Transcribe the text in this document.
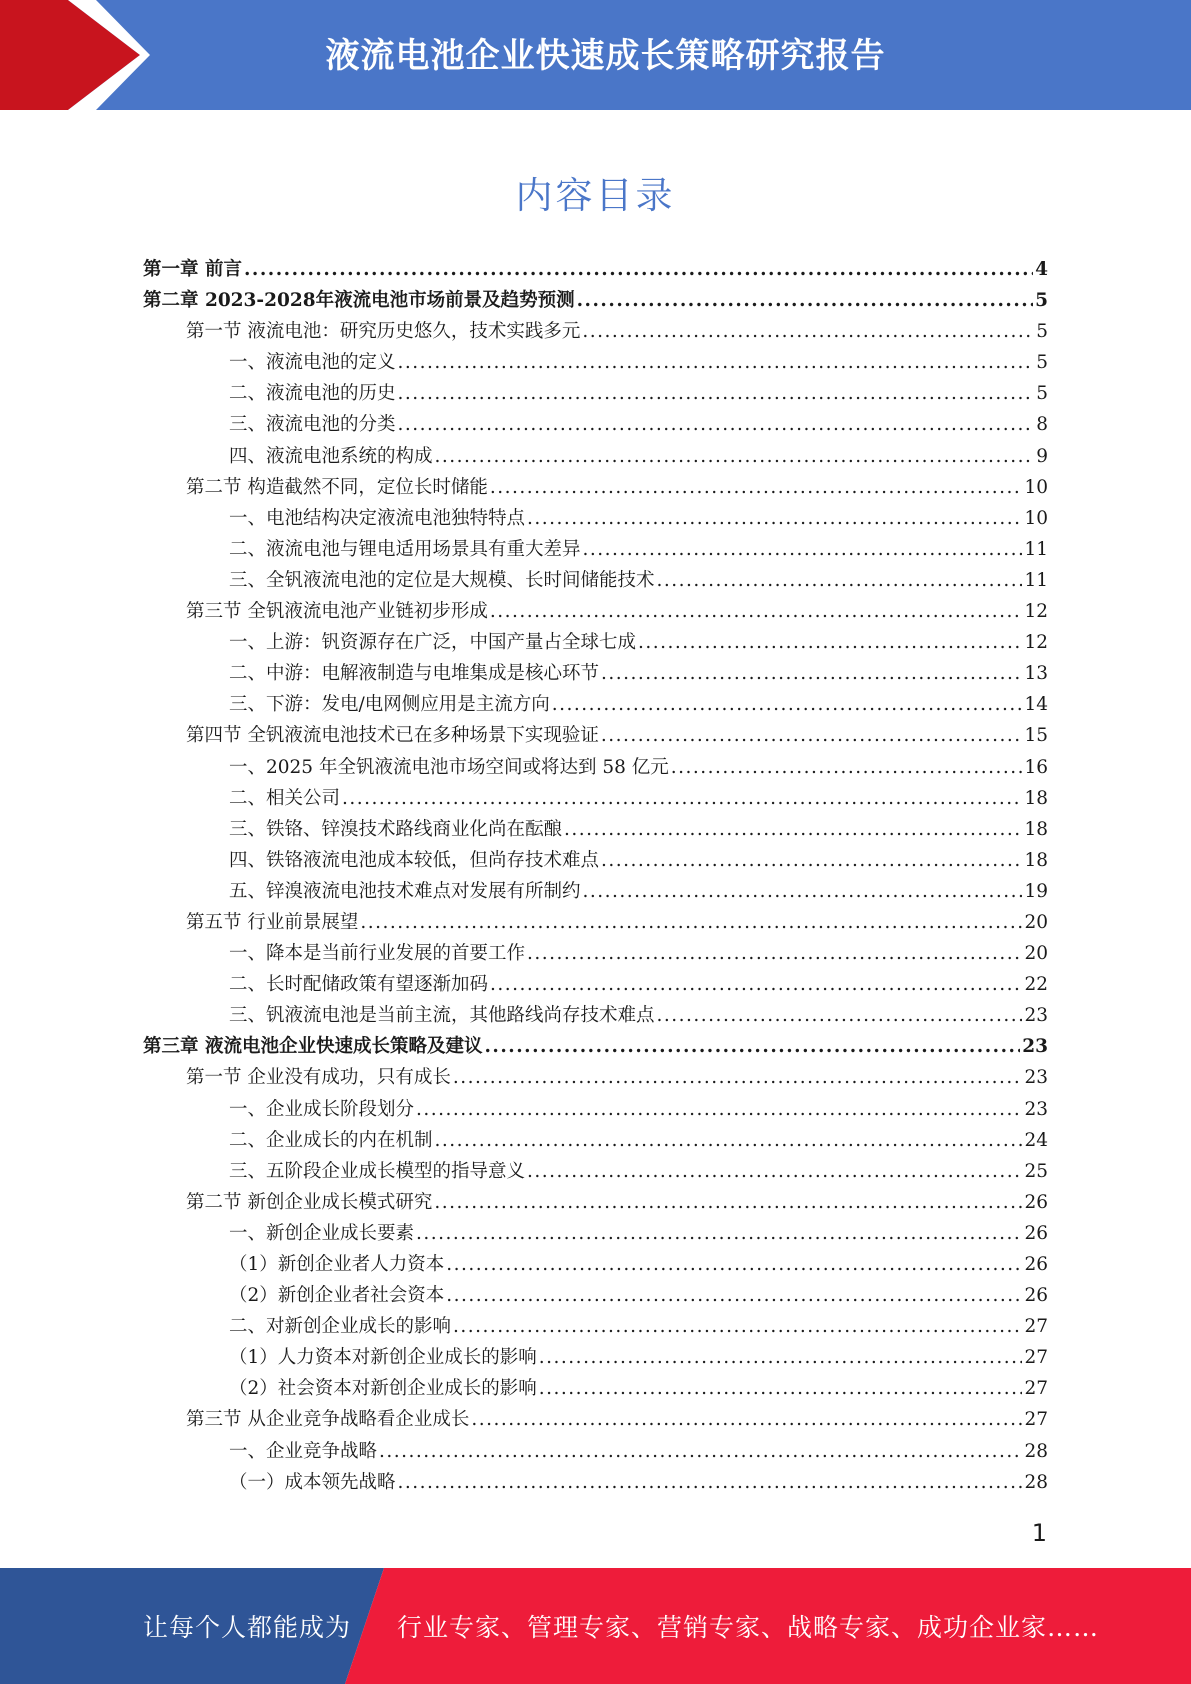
液流电池企业快速成长策略研究报告
内容目录
第一章 前言 .....	4
第二章 2023-2028年液流电池市场前景及趋势预测 .....	5
第一节 液流电池：研究历史悠久，技术实践多元 .....	5
一、液流电池的定义 .....	5
二、液流电池的历史 .....	5
三、液流电池的分类 .....	8
四、液流电池系统的构成 .....	9
第二节 构造截然不同，定位长时储能 .....	10
一、电池结构决定液流电池独特特点 .....	10
二、液流电池与锂电适用场景具有重大差异 .....	11
三、全钒液流电池的定位是大规模、长时间储能技术 .....	11
第三节 全钒液流电池产业链初步形成 .....	12
一、上游：钒资源存在广泛，中国产量占全球七成 .....	12
二、中游：电解液制造与电堆集成是核心环节 .....	13
三、下游：发电/电网侧应用是主流方向 .....	14
第四节 全钒液流电池技术已在多种场景下实现验证 .....	15
一、2025 年全钒液流电池市场空间或将达到 58 亿元 .....	16
二、相关公司 .....	18
三、铁铬、锌溴技术路线商业化尚在酝酿 .....	18
四、铁铬液流电池成本较低，但尚存技术难点 .....	18
五、锌溴液流电池技术难点对发展有所制约 .....	19
第五节 行业前景展望 .....	20
一、降本是当前行业发展的首要工作 .....	20
二、长时配储政策有望逐渐加码 .....	22
三、钒液流电池是当前主流，其他路线尚存技术难点 .....	23
第三章 液流电池企业快速成长策略及建议 .....	23
第一节 企业没有成功，只有成长 .....	23
一、企业成长阶段划分 .....	23
二、企业成长的内在机制 .....	24
三、五阶段企业成长模型的指导意义 .....	25
第二节 新创企业成长模式研究 .....	26
一、新创企业成长要素 .....	26
（1）新创企业者人力资本 .....	26
（2）新创企业者社会资本 .....	26
二、对新创企业成长的影响 .....	27
（1）人力资本对新创企业成长的影响 .....	27
（2）社会资本对新创企业成长的影响 .....	27
第三节 从企业竞争战略看企业成长 .....	27
一、企业竞争战略 .....	28
（一）成本领先战略 .....	28
1
让每个人都能成为 行业专家、管理专家、营销专家、战略专家、成功企业家……
